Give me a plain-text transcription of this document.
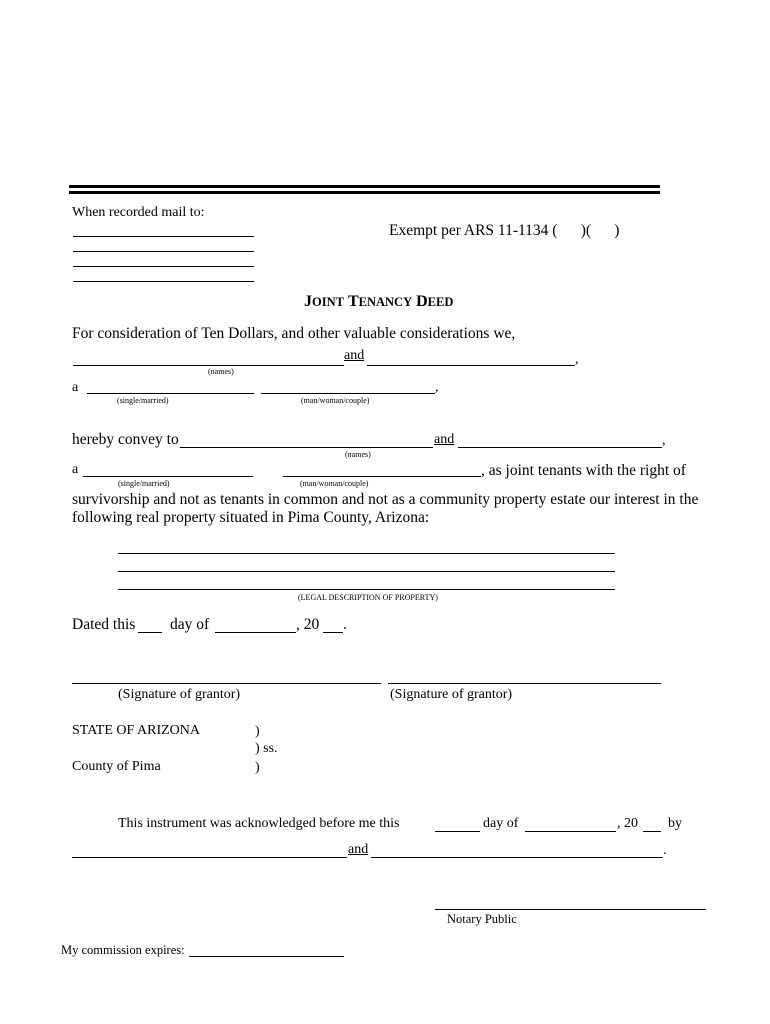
When recorded mail to:
Exempt per ARS 11-1134 (      )(      )
JOINT TENANCY DEED
For consideration of Ten Dollars, and other valuable considerations we,
and	,
(names)
a	,
(single/married)	(man/woman/couple)
hereby convey to	and	,
(names)
a	, as joint tenants with the right of
(single/married)	(man/woman/couple)
survivorship and not as tenants in common and not as a community property estate our interest in the
following real property situated in Pima County, Arizona:
(LEGAL DESCRIPTION OF PROPERTY)
Dated this day of	, 20 .
(Signature of grantor)	(Signature of grantor)
STATE OF ARIZONA
County of Pima
)
) ss.
)
This instrument was acknowledged before me this	day of	, 20 by
and	.
Notary Public
My commission expires:
